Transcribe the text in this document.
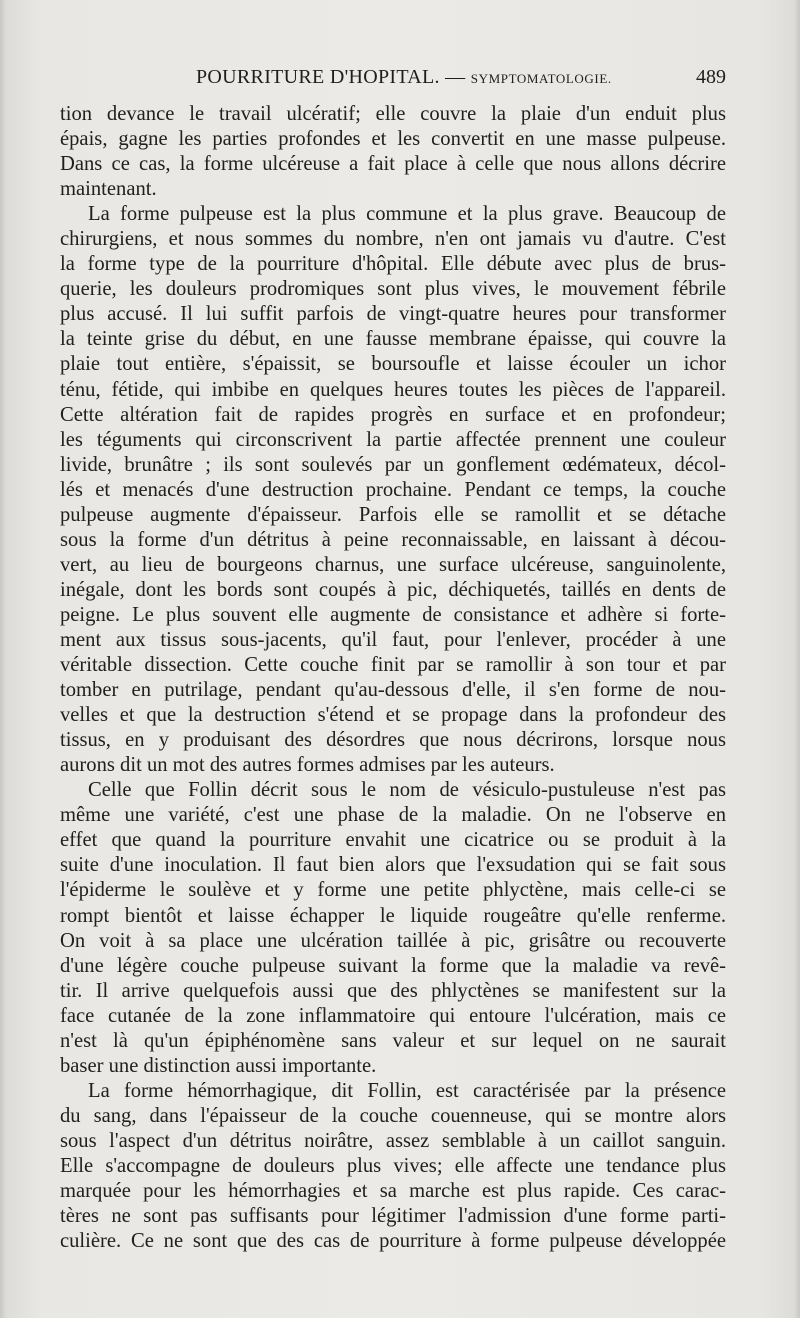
POURRITURE D'HOPITAL. — SYMPTOMATOLOGIE.	489
tion devance le travail ulcératif; elle couvre la plaie d'un enduit plus
épais, gagne les parties profondes et les convertit en une masse pulpeuse.
Dans ce cas, la forme ulcéreuse a fait place à celle que nous allons décrire
maintenant.
La forme pulpeuse est la plus commune et la plus grave. Beaucoup de
chirurgiens, et nous sommes du nombre, n'en ont jamais vu d'autre. C'est
la forme type de la pourriture d'hôpital. Elle débute avec plus de brus-
querie, les douleurs prodromiques sont plus vives, le mouvement fébrile
plus accusé. Il lui suffit parfois de vingt-quatre heures pour transformer
la teinte grise du début, en une fausse membrane épaisse, qui couvre la
plaie tout entière, s'épaissit, se boursoufle et laisse écouler un ichor
ténu, fétide, qui imbibe en quelques heures toutes les pièces de l'appareil.
Cette altération fait de rapides progrès en surface et en profondeur;
les téguments qui circonscrivent la partie affectée prennent une couleur
livide, brunâtre ; ils sont soulevés par un gonflement œdémateux, décol-
lés et menacés d'une destruction prochaine. Pendant ce temps, la couche
pulpeuse augmente d'épaisseur. Parfois elle se ramollit et se détache
sous la forme d'un détritus à peine reconnaissable, en laissant à décou-
vert, au lieu de bourgeons charnus, une surface ulcéreuse, sanguinolente,
inégale, dont les bords sont coupés à pic, déchiquetés, taillés en dents de
peigne. Le plus souvent elle augmente de consistance et adhère si forte-
ment aux tissus sous-jacents, qu'il faut, pour l'enlever, procéder à une
véritable dissection. Cette couche finit par se ramollir à son tour et par
tomber en putrilage, pendant qu'au-dessous d'elle, il s'en forme de nou-
velles et que la destruction s'étend et se propage dans la profondeur des
tissus, en y produisant des désordres que nous décrirons, lorsque nous
aurons dit un mot des autres formes admises par les auteurs.
Celle que Follin décrit sous le nom de vésiculo-pustuleuse n'est pas
même une variété, c'est une phase de la maladie. On ne l'observe en
effet que quand la pourriture envahit une cicatrice ou se produit à la
suite d'une inoculation. Il faut bien alors que l'exsudation qui se fait sous
l'épiderme le soulève et y forme une petite phlyctène, mais celle-ci se
rompt bientôt et laisse échapper le liquide rougeâtre qu'elle renferme.
On voit à sa place une ulcération taillée à pic, grisâtre ou recouverte
d'une légère couche pulpeuse suivant la forme que la maladie va revê-
tir. Il arrive quelquefois aussi que des phlyctènes se manifestent sur la
face cutanée de la zone inflammatoire qui entoure l'ulcération, mais ce
n'est là qu'un épiphénomène sans valeur et sur lequel on ne saurait
baser une distinction aussi importante.
La forme hémorrhagique, dit Follin, est caractérisée par la présence
du sang, dans l'épaisseur de la couche couenneuse, qui se montre alors
sous l'aspect d'un détritus noirâtre, assez semblable à un caillot sanguin.
Elle s'accompagne de douleurs plus vives; elle affecte une tendance plus
marquée pour les hémorrhagies et sa marche est plus rapide. Ces carac-
tères ne sont pas suffisants pour légitimer l'admission d'une forme parti-
culière. Ce ne sont que des cas de pourriture à forme pulpeuse développée
